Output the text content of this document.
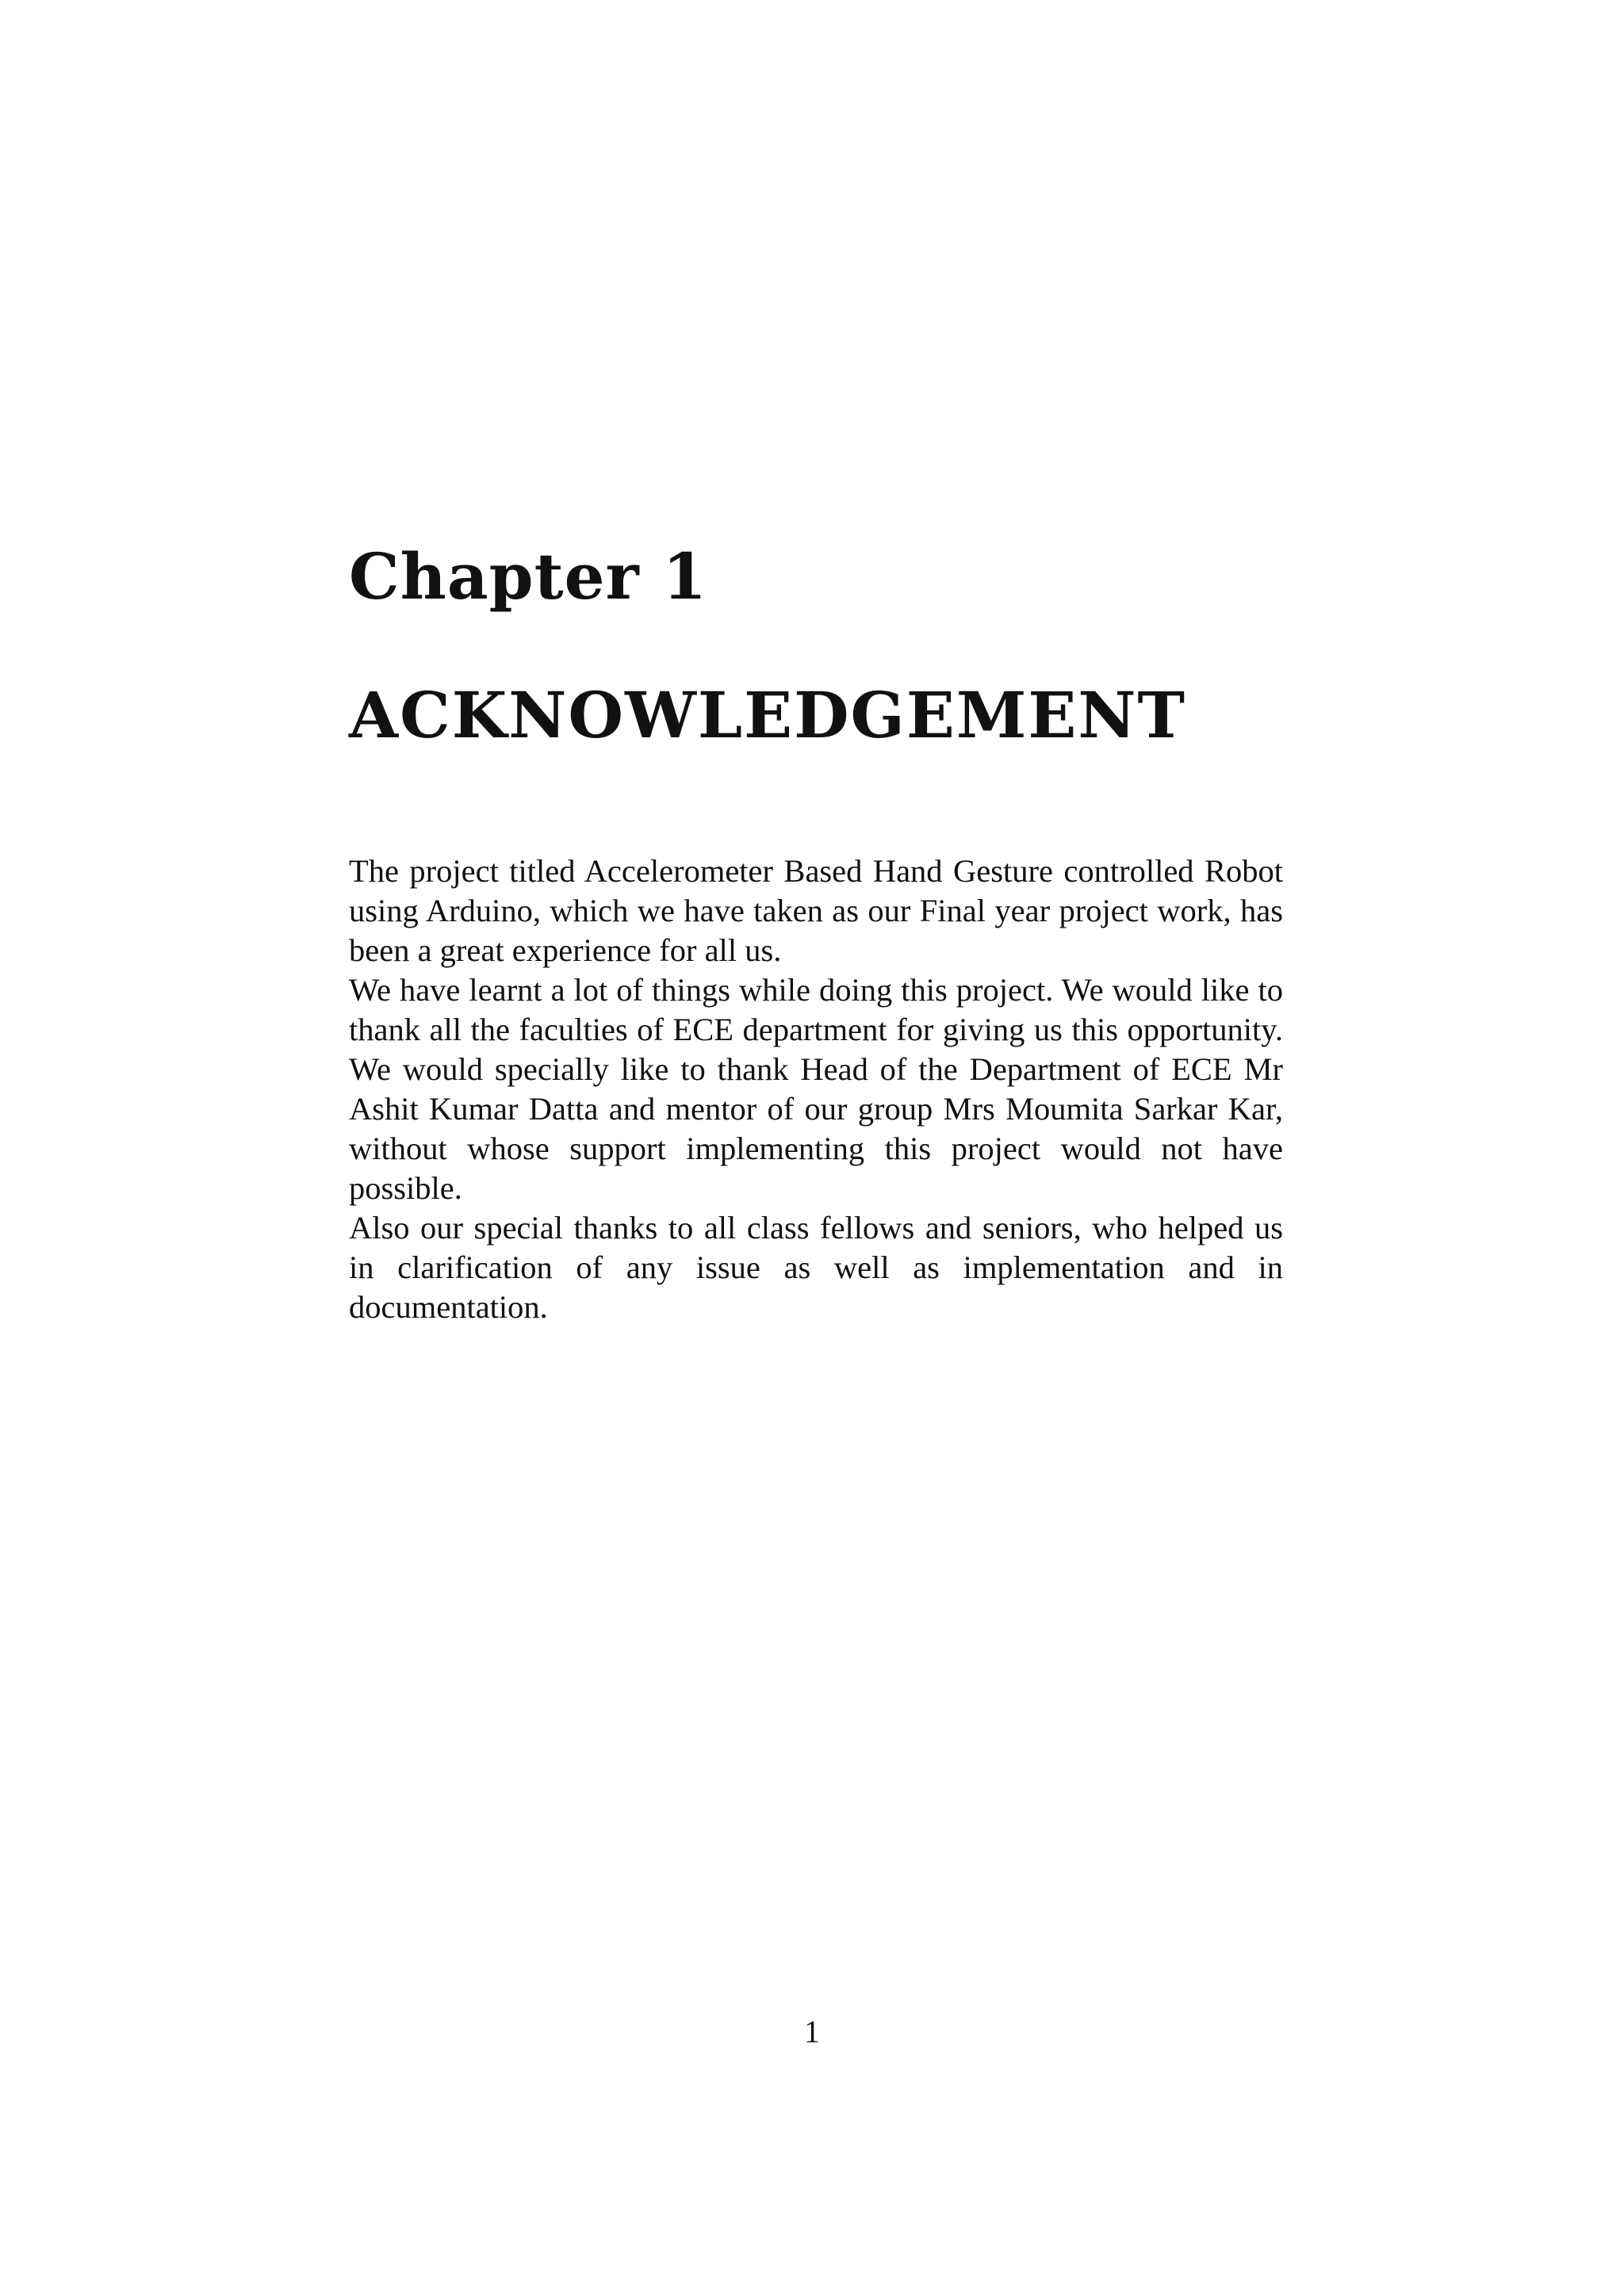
Chapter 1
ACKNOWLEDGEMENT

The project titled Accelerometer Based Hand Gesture controlled Robot using Arduino, which we have taken as our Final year project work, has been a great experience for all us.

We have learnt a lot of things while doing this project. We would like to thank all the faculties of ECE department for giving us this opportunity. We would specially like to thank Head of the Department of ECE Mr Ashit Kumar Datta and mentor of our group Mrs Moumita Sarkar Kar, without whose support implementing this project would not have possible.

Also our special thanks to all class fellows and seniors, who helped us in clarification of any issue as well as implementation and in documentation.

1
